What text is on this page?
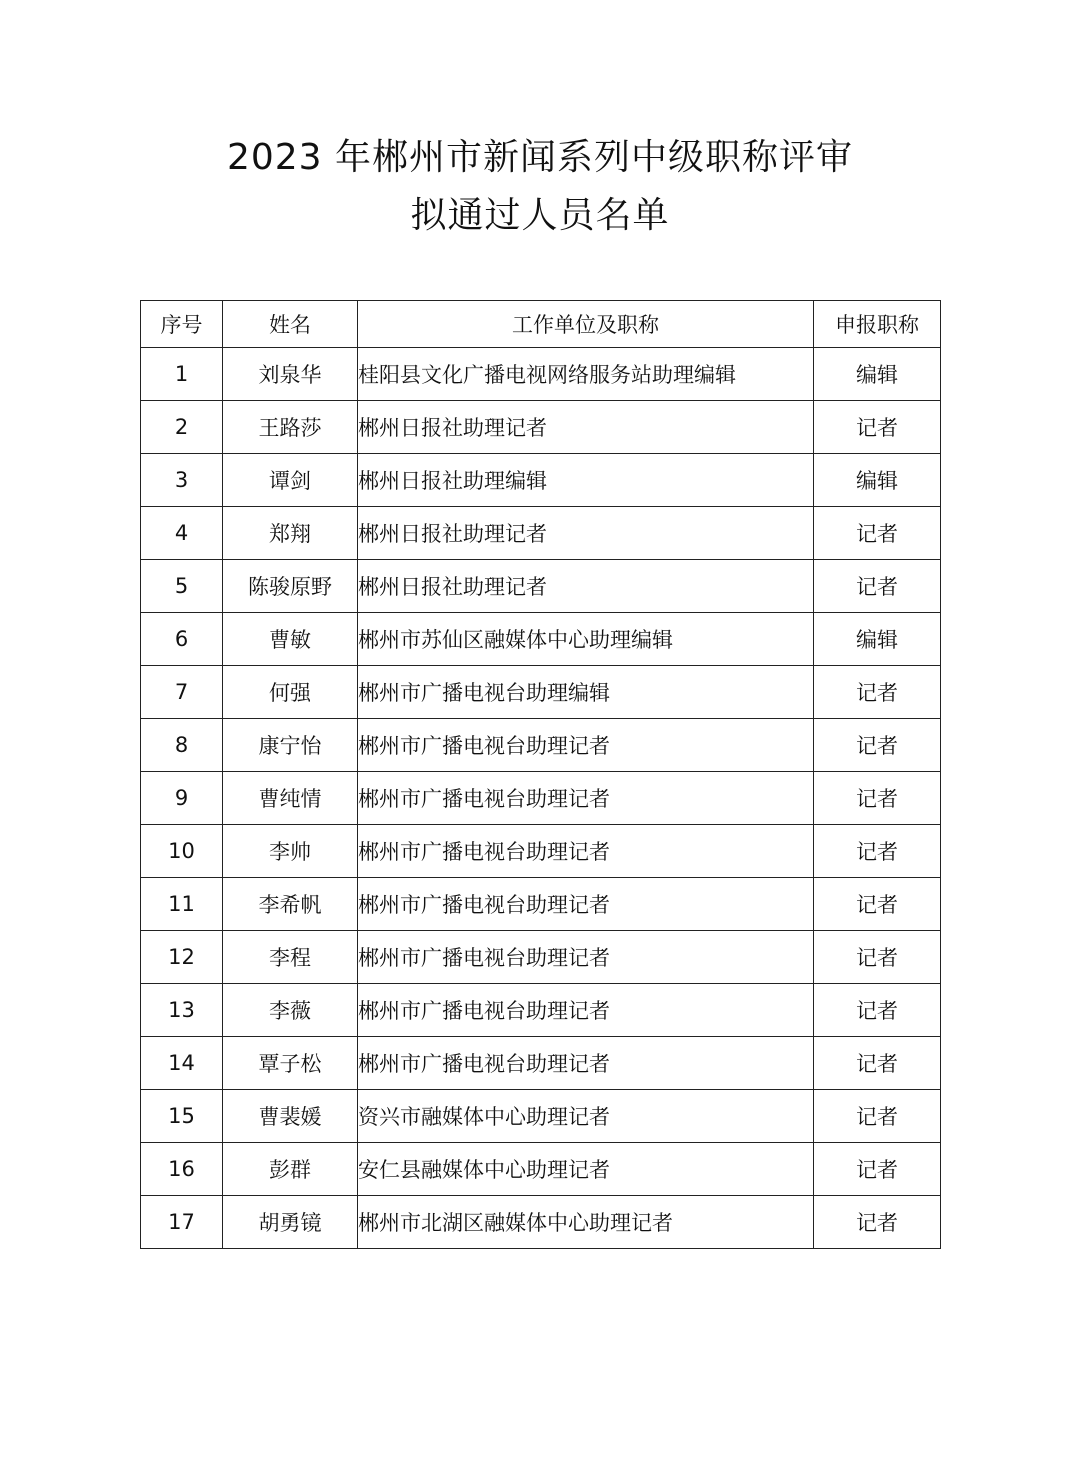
2023 年郴州市新闻系列中级职称评审
拟通过人员名单
序号	姓名	工作单位及职称	申报职称
1	刘泉华	桂阳县文化广播电视网络服务站助理编辑	编辑
2	王路莎	郴州日报社助理记者	记者
3	谭剑	郴州日报社助理编辑	编辑
4	郑翔	郴州日报社助理记者	记者
5	陈骏原野	郴州日报社助理记者	记者
6	曹敏	郴州市苏仙区融媒体中心助理编辑	编辑
7	何强	郴州市广播电视台助理编辑	记者
8	康宁怡	郴州市广播电视台助理记者	记者
9	曹纯情	郴州市广播电视台助理记者	记者
10	李帅	郴州市广播电视台助理记者	记者
11	李希帆	郴州市广播电视台助理记者	记者
12	李程	郴州市广播电视台助理记者	记者
13	李薇	郴州市广播电视台助理记者	记者
14	覃子松	郴州市广播电视台助理记者	记者
15	曹裴媛	资兴市融媒体中心助理记者	记者
16	彭群	安仁县融媒体中心助理记者	记者
17	胡勇镜	郴州市北湖区融媒体中心助理记者	记者
